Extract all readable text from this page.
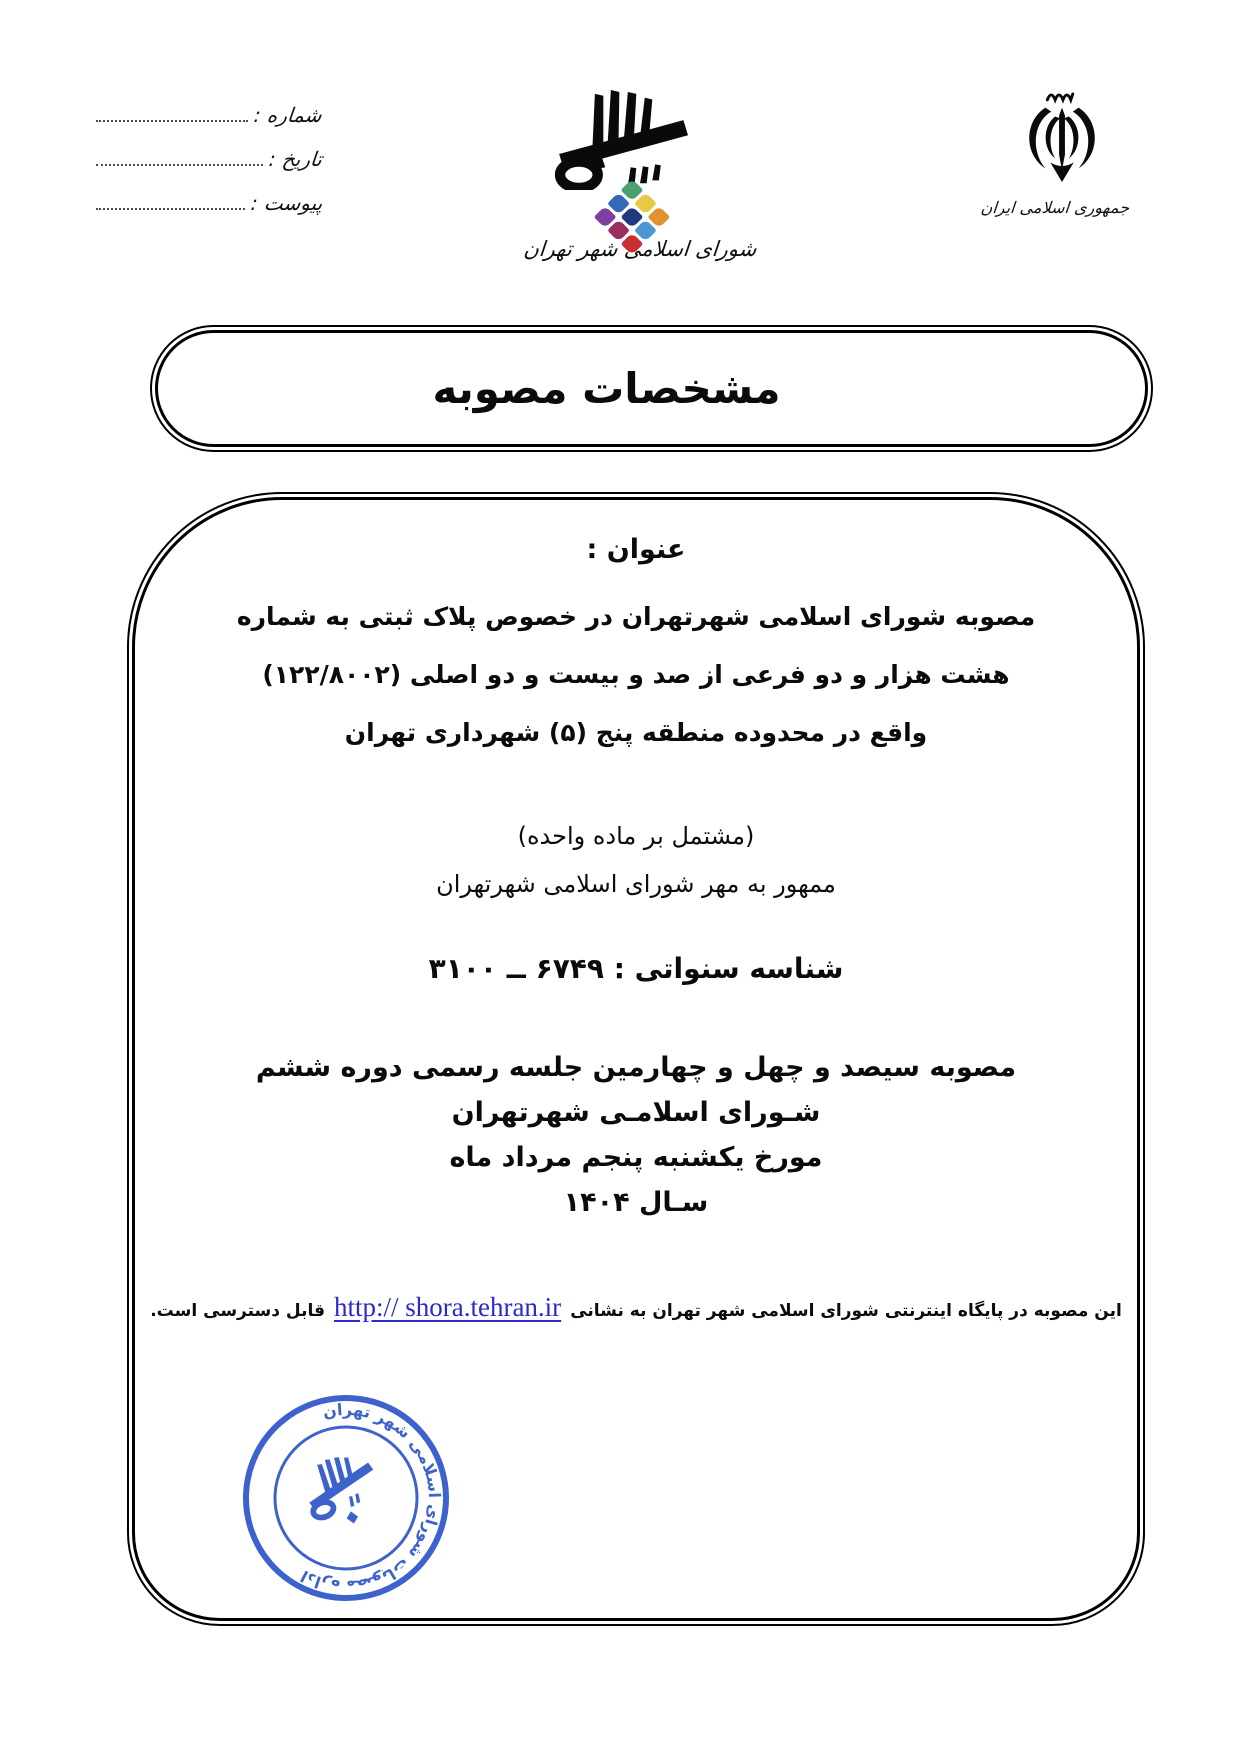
شماره :
تاریخ :
پیوست :
شورای اسلامی شهر تهران
جمهوری اسلامی ایران
مشخصات مصوبه
عنوان :
مصوبه شورای اسلامی شهرتهران در خصوص پلاک ثبتی به شماره
هشت هزار و دو فرعی از صد و بیست و دو اصلی (۱۲۲/۸۰۰۲)
واقع در محدوده منطقه پنج (۵) شهرداری تهران
(مشتمل بر ماده واحده)
ممهور به مهر شورای اسلامی شهرتهران
شناسه سنواتی : ۶۷۴۹ ــ ۳۱۰۰
مصوبه سیصد و چهل و چهارمین جلسه رسمی دوره ششم
شـورای اسلامـی شهرتهران
مورخ یکشنبه پنجم مرداد ماه
سـال ۱۴۰۴
این مصوبه در پایگاه اینترنتی شورای اسلامی شهر تهران به نشانی
http:// shora.tehran.ir
قابل دسترسی است.
اداره مصوبات شورای اسلامی شهر تهران
